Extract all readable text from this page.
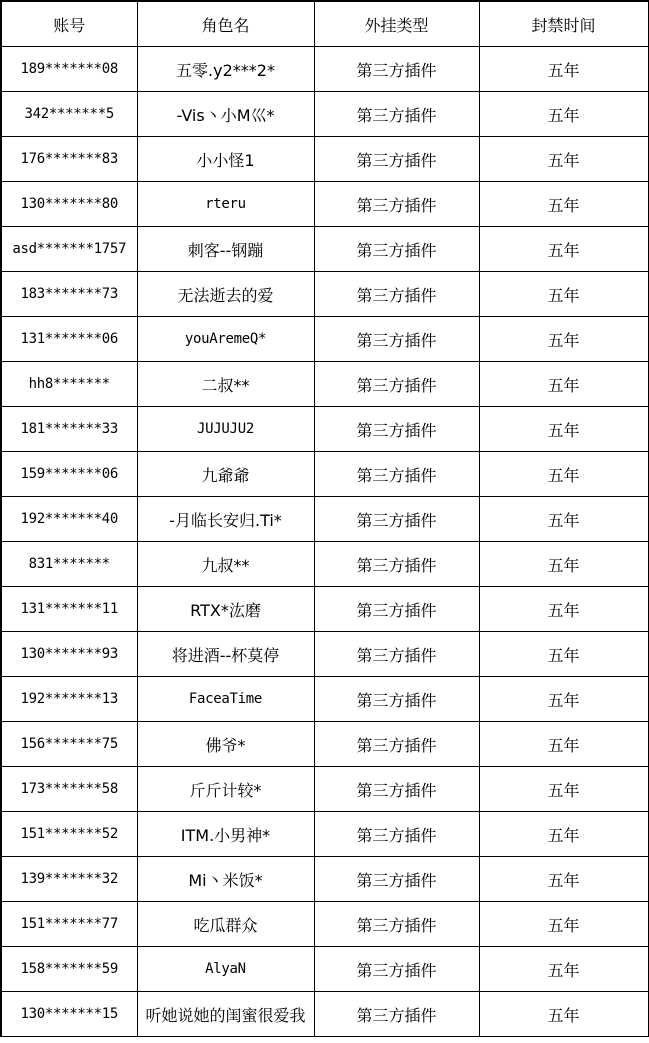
账号	角色名	外挂类型	封禁时间
189*******08	五零.y2***2*	第三方插件	五年
342*******5	-Vis丶小M巛*	第三方插件	五年
176*******83	小小怪1	第三方插件	五年
130*******80	rteru	第三方插件	五年
asd*******1757	刺客--钢蹦	第三方插件	五年
183*******73	无法逝去的爱	第三方插件	五年
131*******06	youAremeQ*	第三方插件	五年
hh8*******	二叔**	第三方插件	五年
181*******33	JUJUJU2	第三方插件	五年
159*******06	九爺爺	第三方插件	五年
192*******40	-月临长安归.Ti*	第三方插件	五年
831*******	九叔**	第三方插件	五年
131*******11	RTX*汯磨	第三方插件	五年
130*******93	将进酒--杯莫停	第三方插件	五年
192*******13	FaceaTime	第三方插件	五年
156*******75	佛爷*	第三方插件	五年
173*******58	斤斤计较*	第三方插件	五年
151*******52	ITM.小男神*	第三方插件	五年
139*******32	Mi丶米饭*	第三方插件	五年
151*******77	吃瓜群众	第三方插件	五年
158*******59	AlyaN	第三方插件	五年
130*******15	听她说她的闺蜜很爱我	第三方插件	五年
